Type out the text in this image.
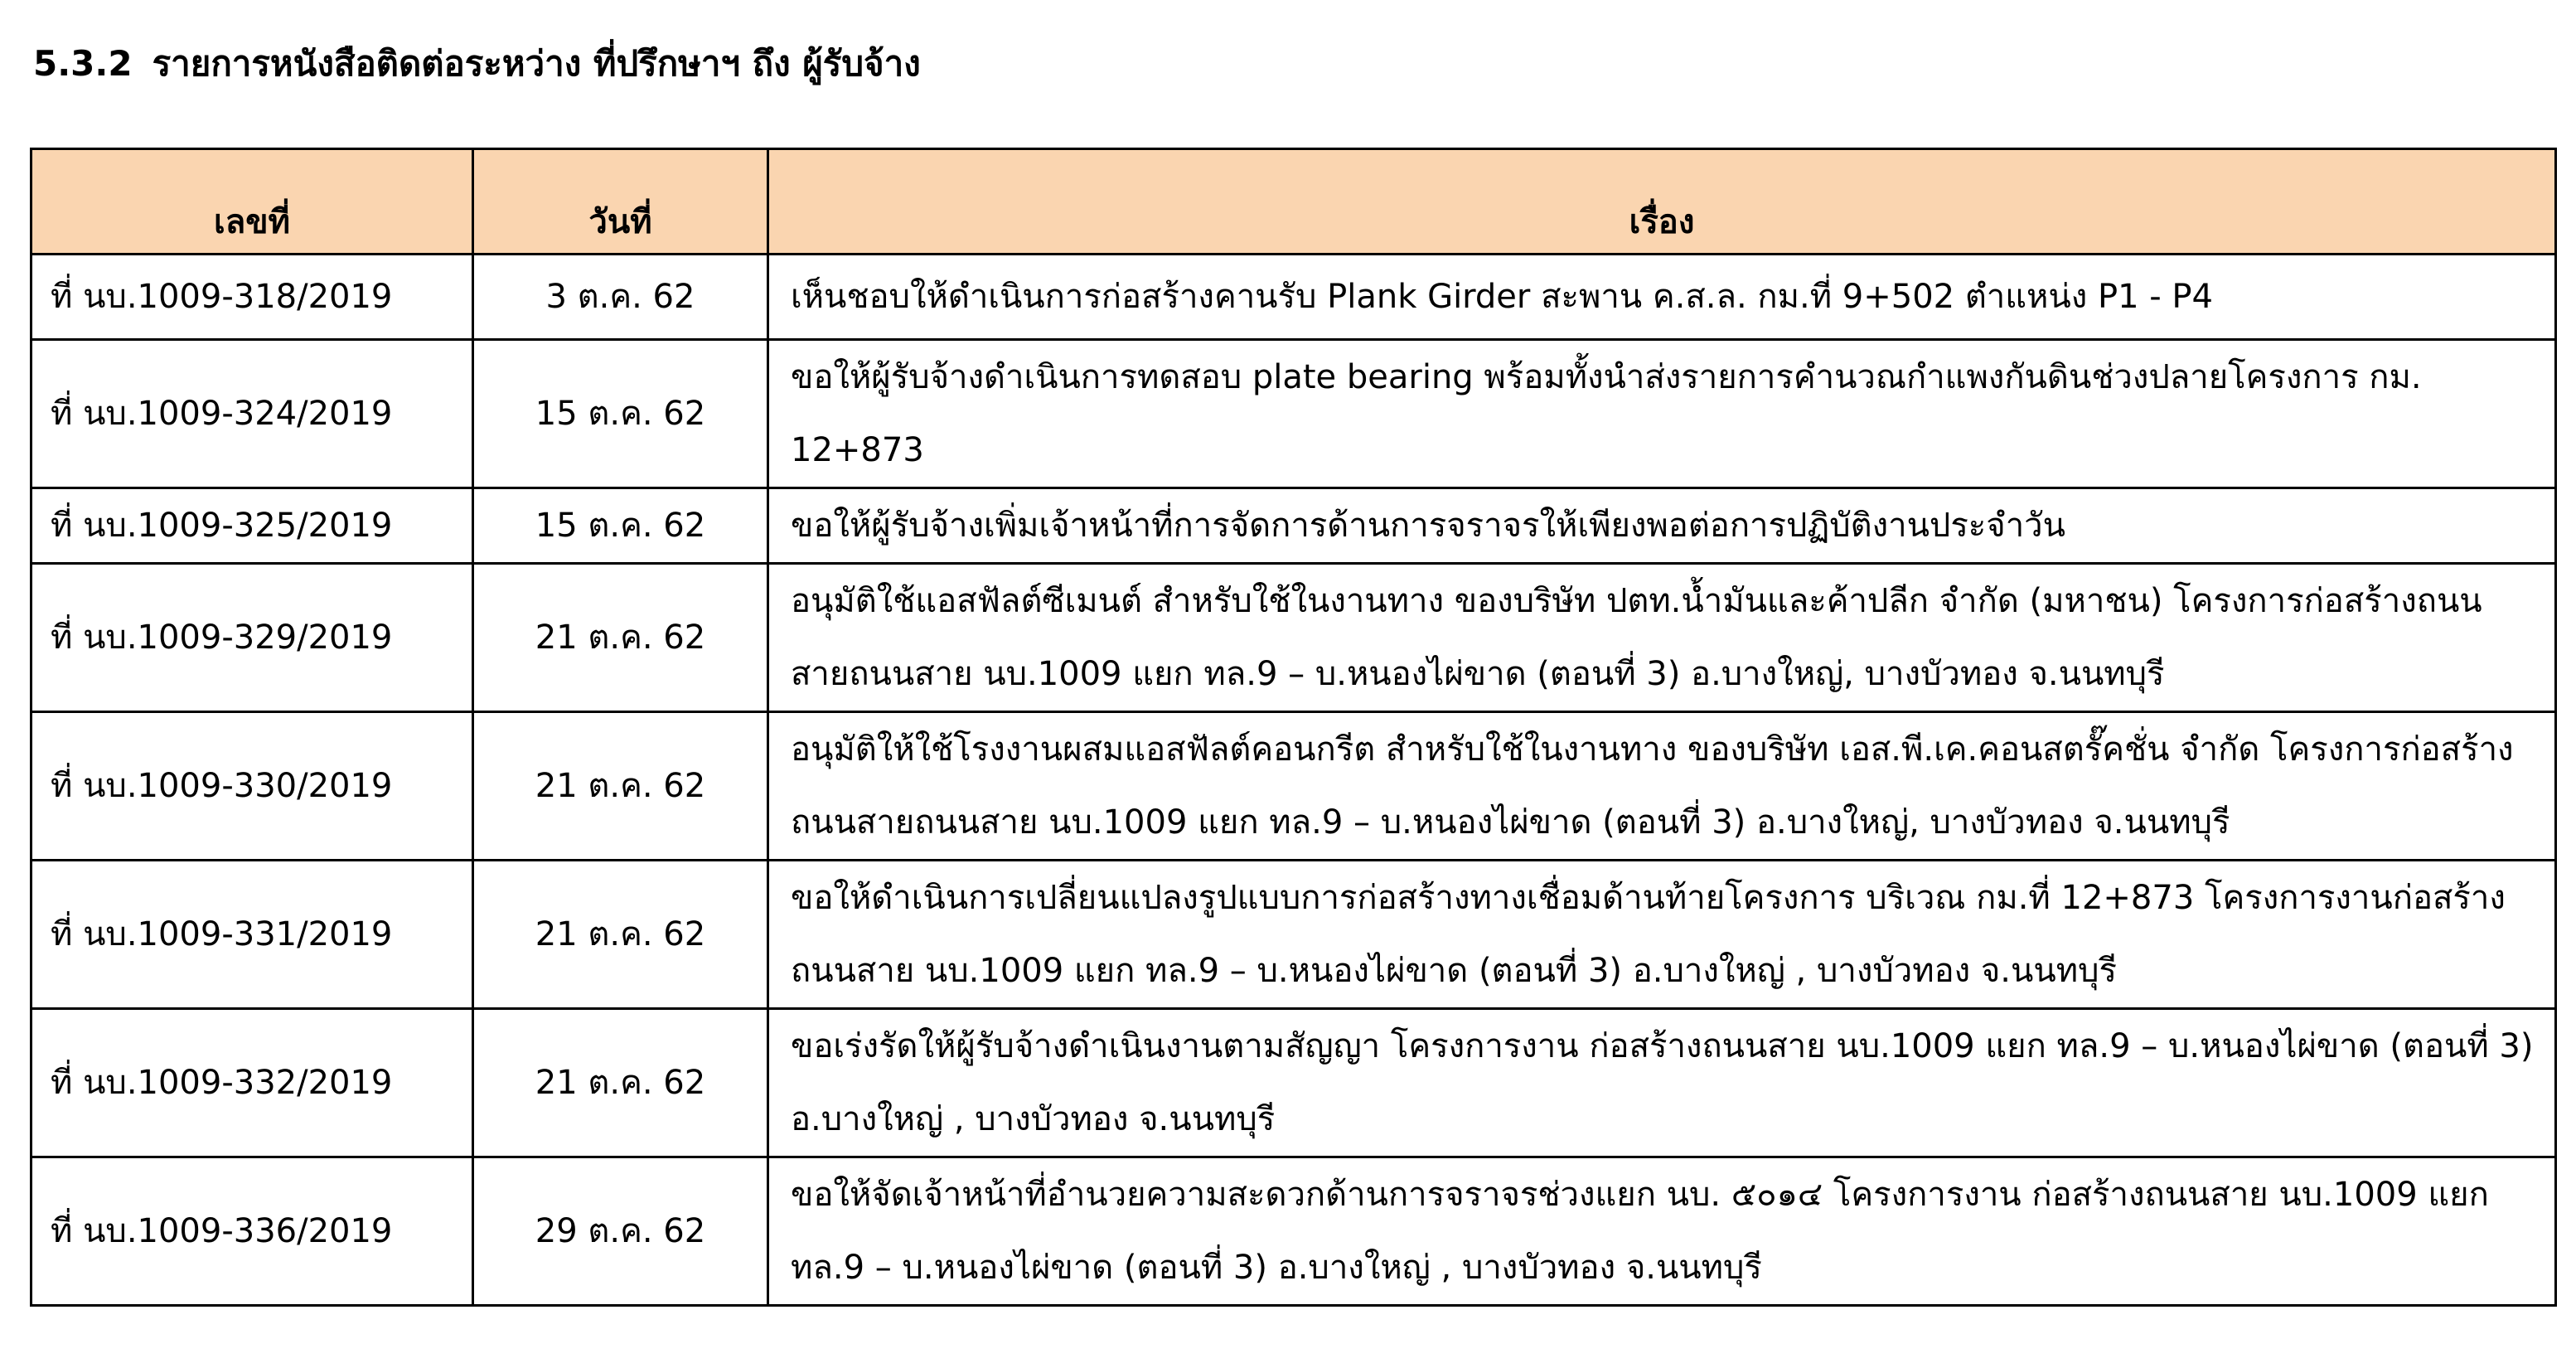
5.3.2 รายการหนังสือติดต่อระหว่าง ที่ปรึกษาฯ ถึง ผู้รับจ้าง
เลขที่	วันที่	เรื่อง
ที่ นบ.1009-318/2019	3 ต.ค. 62	เห็นชอบให้ดำเนินการก่อสร้างคานรับ Plank Girder สะพาน ค.ส.ล. กม.ที่ 9+502 ตำแหน่ง P1 - P4
ที่ นบ.1009-324/2019	15 ต.ค. 62	ขอให้ผู้รับจ้างดำเนินการทดสอบ plate bearing พร้อมทั้งนำส่งรายการคำนวณกำแพงกันดินช่วงปลายโครงการ กม. 12+873
ที่ นบ.1009-325/2019	15 ต.ค. 62	ขอให้ผู้รับจ้างเพิ่มเจ้าหน้าที่การจัดการด้านการจราจรให้เพียงพอต่อการปฏิบัติงานประจำวัน
ที่ นบ.1009-329/2019	21 ต.ค. 62	อนุมัติใช้แอสฟัลต์ซีเมนต์ สำหรับใช้ในงานทาง ของบริษัท ปตท.น้ำมันและค้าปลีก จำกัด (มหาชน) โครงการก่อสร้างถนนสายถนนสาย นบ.1009 แยก ทล.9 – บ.หนองไผ่ขาด (ตอนที่ 3) อ.บางใหญ่, บางบัวทอง จ.นนทบุรี
ที่ นบ.1009-330/2019	21 ต.ค. 62	อนุมัติให้ใช้โรงงานผสมแอสฟัลต์คอนกรีต สำหรับใช้ในงานทาง ของบริษัท เอส.พี.เค.คอนสตรั๊คชั่น จำกัด โครงการก่อสร้างถนนสายถนนสาย นบ.1009 แยก ทล.9 – บ.หนองไผ่ขาด (ตอนที่ 3) อ.บางใหญ่, บางบัวทอง จ.นนทบุรี
ที่ นบ.1009-331/2019	21 ต.ค. 62	ขอให้ดำเนินการเปลี่ยนแปลงรูปแบบการก่อสร้างทางเชื่อมด้านท้ายโครงการ บริเวณ กม.ที่ 12+873 โครงการงานก่อสร้างถนนสาย นบ.1009 แยก ทล.9 – บ.หนองไผ่ขาด (ตอนที่ 3) อ.บางใหญ่ , บางบัวทอง จ.นนทบุรี
ที่ นบ.1009-332/2019	21 ต.ค. 62	ขอเร่งรัดให้ผู้รับจ้างดำเนินงานตามสัญญา โครงการงาน ก่อสร้างถนนสาย นบ.1009 แยก ทล.9 – บ.หนองไผ่ขาด (ตอนที่ 3) อ.บางใหญ่ , บางบัวทอง จ.นนทบุรี
ที่ นบ.1009-336/2019	29 ต.ค. 62	ขอให้จัดเจ้าหน้าที่อำนวยความสะดวกด้านการจราจรช่วงแยก นบ. ๕๐๑๔ โครงการงาน ก่อสร้างถนนสาย นบ.1009 แยก ทล.9 – บ.หนองไผ่ขาด (ตอนที่ 3) อ.บางใหญ่ , บางบัวทอง จ.นนทบุรี
